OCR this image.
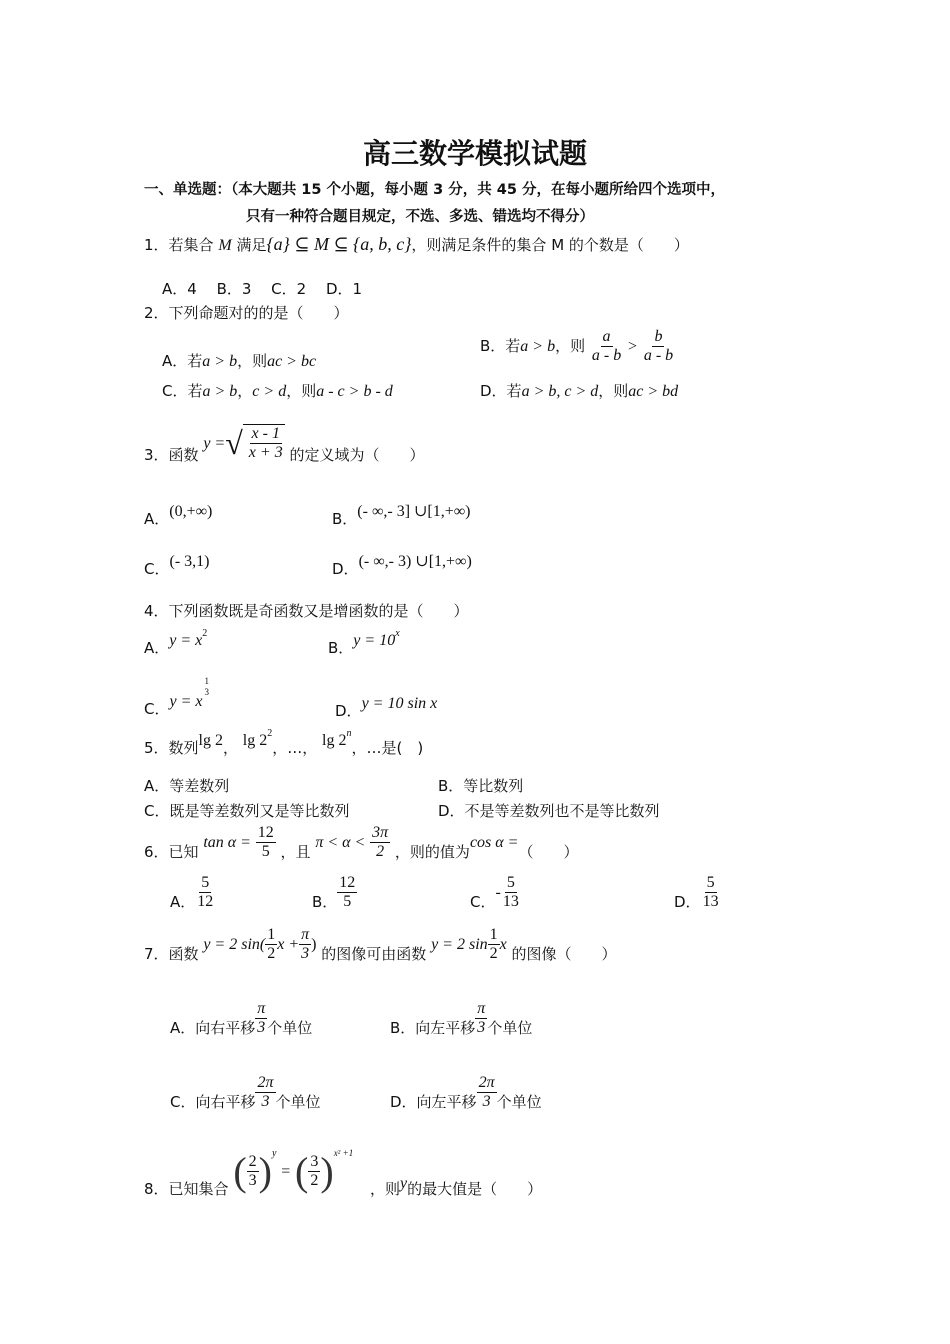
高三数学模拟试题
一、单选题：（本大题共 15 个小题，每小题 3 分，共 45 分，在每小题所给四个选项中，
只有一种符合题目规定，不选、多选、错选均不得分）
1．若集合 M 满足{a} ⊆ M ⊆ {a, b, c}，则满足条件的集合 M 的个数是（　　）
A．4　 B．3　 C．2　 D．1
2．下列命题对的的是（　　）
A．若a > b，则ac > bc
B．若a > b，则 $\frac{a}{a - b} > \frac{b}{a - b}$
C．若a > b，c > d，则a - c > b - d	D．若a > b, c > d，则ac > bd
3．函数 y =√ $\frac{x - 1}{x + 3}$ 的定义域为（　　）
A．(0,+∞)	B．(- ∞,- 3] ∪[1,+∞)
C．(- 3,1)	D．(- ∞,- 3) ∪[1,+∞)
4．下列函数既是奇函数又是增函数的是（　　）
A．$y = x^2$
B．$y = 10^x$
C．y = x
1
3
D．y = 10 sin x
5．数列lg 2， $\lg 2^2$，…， lg 2$^n$，…是(　)
A．等差数列	B．等比数列
C．既是等差数列又是等比数列	D．不是等差数列也不是等比数列
6．已知 $\tan \alpha = \frac{12}{5}$ ，且 $\pi < \alpha < \frac{3\pi}{2}$ ，则的值为cos α =（　　）
A． $\frac{5}{12}$	B． $\frac{12}{5}$	C．- $\frac{5}{13}$	D． $\frac{5}{13}$
7．函数 y = 2 $\sin( \frac{1}{2}$ $x + \frac{\pi}{3}$ ) 的图像可由函数 y = 2 $\sin \frac{1}{2}$ x 的图像（　　）
A．向右平移 $\frac{\pi}{3}$ 个单位	B．向左平移 $\frac{\pi}{3}$ 个单位
C．向右平移 $\frac{2\pi}{3}$ 个单位	D．向左平移 $\frac{2\pi}{3}$ 个单位
8．已知集合 ( $\frac{2}{3} )^y$ = ( $\frac{3}{2} )^{x^2 +1}$ ，则y的最大值是（　　）
